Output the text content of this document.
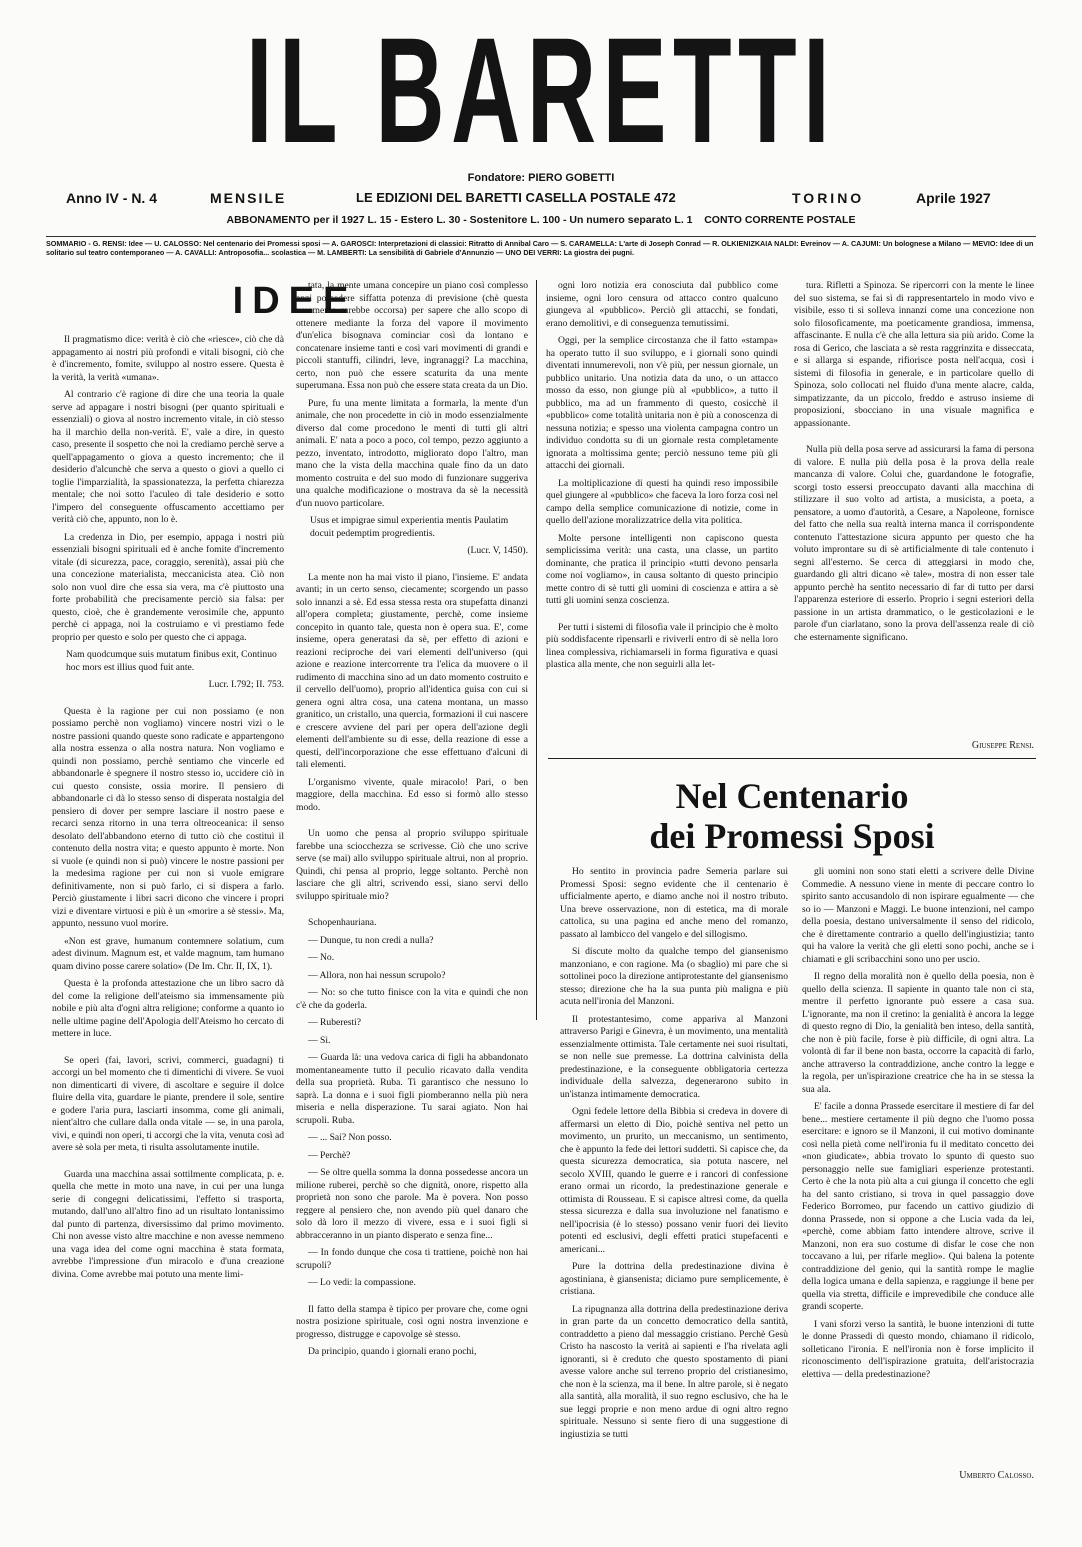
IL BARETTI
Fondatore: PIERO GOBETTI
Anno IV - N. 4	MENSILE	LE EDIZIONI DEL BARETTI CASELLA POSTALE 472	TORINO	Aprile 1927
ABBONAMENTO per il 1927 L. 15 - Estero L. 30 - Sostenitore L. 100 - Un numero separato L. 1 CONTO CORRENTE POSTALE
SOMMARIO - G. RENSI: Idee — U. CALOSSO: Nel centenario dei Promessi sposi — A. GAROSCI: Interpretazioni di classici: Ritratto di Annibal Caro — S. CARAMELLA: L'arte di Joseph Conrad — R. OLKIENIZKAIA NALDI: Evreinov — A. CAJUMI: Un bolognese a Milano — MEVIO: Idee di un solitario sul teatro contemporaneo — A. CAVALLI: Antroposofia... scolastica — M. LAMBERTI: La sensibilità di Gabriele d'Annunzio — UNO DEI VERRI: La giostra dei pugni.
IDEE

Il pragmatismo dice: verità è ciò che «riesce», ciò che dà appagamento ai nostri più profondi e vitali bisogni, ciò che è d'incremento, fomite, sviluppo al nostro essere. Questa è la verità, la verità «umana».

Al contrario c'è ragione di dire che una teoria la quale serve ad appagare i nostri bisogni (per quanto spirituali e essenziali) o giova al nostro incremento vitale, in ciò stesso ha il marchio della non-verità. E', vale a dire, in questo caso, presente il sospetto che noi la crediamo perchè serve a quell'appagamento o giova a questo incremento; che il desiderio d'alcunchè che serva a questo o giovi a quello ci toglie l'imparzialità, la spassionatezza, la perfetta chiarezza mentale; che noi sotto l'aculeo di tale desiderio e sotto l'impero del conseguente offuscamento accettiamo per verità ciò che, appunto, non lo è.

La credenza in Dio, per esempio, appaga i nostri più essenziali bisogni spirituali ed è anche fomite d'incremento vitale (di sicurezza, pace, coraggio, serenità), assai più che una concezione materialista, meccanicista atea. Ciò non solo non vuol dire che essa sia vera, ma c'è piuttosto una forte probabilità che precisamente perciò sia falsa: per questo, cioè, che è grandemente verosimile che, appunto perchè ci appaga, noi la costruiamo e vi prestiamo fede proprio per questo e solo per questo che ci appaga.

Nam quodcumque suis mutatum finibus exit, Continuo hoc mors est illius quod fuit ante.

Lucr. I.792; II. 753.

Questa è la ragione per cui non possiamo (e non possiamo perchè non vogliamo) vincere nostri vizi o le nostre passioni quando queste sono radicate e appartengono alla nostra essenza o alla nostra natura. Non vogliamo e quindi non possiamo, perchè sentiamo che vincerle ed abbandonarle è spegnere il nostro stesso io, uccidere ciò in cui questo consiste, ossia morire. Il pensiero di abbandonarle ci dà lo stesso senso di disperata nostalgia del pensiero di dover per sempre lasciare il nostro paese e recarci senza ritorno in una terra oltreoceanica: il senso desolato dell'abbandono eterno di tutto ciò che costituì il contenuto della nostra vita; e questo appunto è morte. Non si vuole (e quindi non si può) vincere le nostre passioni per la medesima ragione per cui non si vuole emigrare definitivamente, non si può farlo, ci si dispera a farlo. Perciò giustamente i libri sacri dicono che vincere i propri vizi e diventare virtuosi e più è un «morire a sè stessi». Ma, appunto, nessuno vuol morire.

«Non est grave, humanum contemnere solatium, cum adest divinum. Magnum est, et valde magnum, tam humano quam divino posse carere solatio» (De Im. Chr. II, IX, 1).

Questa è la profonda attestazione che un libro sacro dà del come la religione dell'ateismo sia immensamente più nobile e più alta d'ogni altra religione; conforme a quanto io nelle ultime pagine dell'Apologia dell'Ateismo ho cercato di mettere in luce.

Se operi (fai, lavori, scrivi, commerci, guadagni) ti accorgi un bel momento che ti dimentichi di vivere. Se vuoi non dimenticarti di vivere, di ascoltare e seguire il dolce fluire della vita, guardare le piante, prendere il sole, sentire e godere l'aria pura, lasciarti insomma, come gli animali, nient'altro che cullare dalla onda vitale — se, in una parola, vivi, e quindi non operi, ti accorgi che la vita, venuta così ad avere sè sola per meta, ti risulta assolutamente inutile.

Guarda una macchina assai sottilmente complicata, p. e. quella che mette in moto una nave, in cui per una lunga serie di congegni delicatissimi, l'effetto si trasporta, mutando, dall'uno all'altro fino ad un risultato lontanissimo dal punto di partenza, diversissimo dal primo movimento. Chi non avesse visto altre macchine e non avesse nemmeno una vaga idea del come ogni macchina è stata formata, avrebbe l'impressione d'un miracolo e d'una creazione divina. Come avrebbe mai potuto una mente limi-

tata, la mente umana concepire un piano così complesso anzi possedere siffatta potenza di previsione (chè questa veramente sarebbe occorsa) per sapere che allo scopo di ottenere mediante la forza del vapore il movimento d'un'elica bisognava cominciar così da lontano e concatenare insieme tanti e così vari movimenti di grandi e piccoli stantuffi, cilindri, leve, ingranaggi? La macchina, certo, non può che essere scaturita da una mente superumana. Essa non può che essere stata creata da un Dio.

Pure, fu una mente limitata a formarla, la mente d'un animale, che non procedette in ciò in modo essenzialmente diverso dal come procedono le menti di tutti gli altri animali. E' nata a poco a poco, col tempo, pezzo aggiunto a pezzo, inventato, introdotto, migliorato dopo l'altro, man mano che la vista della macchina quale fino da un dato momento costruita e del suo modo di funzionare suggeriva una qualche modificazione o mostrava da sè la necessità d'un nuovo particolare.

Usus et impigrae simul experientia mentis Paulatim docuit pedemptim progredientis.

(Lucr. V, 1450).

La mente non ha mai visto il piano, l'insieme. E' andata avanti; in un certo senso, ciecamente; scorgendo un passo solo innanzi a sè. Ed essa stessa resta ora stupefatta dinanzi all'opera completa; giustamente, perchè, come insieme concepito in quanto tale, questa non è opera sua. E', come insieme, opera generatasi da sè, per effetto di azioni e reazioni reciproche dei vari elementi dell'universo (qui azione e reazione intercorrente tra l'elica da muovere o il rudimento di macchina sino ad un dato momento costruito e il cervello dell'uomo), proprio all'identica guisa con cui si genera ogni altra cosa, una catena montana, un masso granitico, un cristallo, una quercia, formazioni il cui nascere e crescere avviene del pari per opera dell'azione degli elementi dell'ambiente su di esse, della reazione di esse a questi, dell'incorporazione che esse effettuano d'alcuni di tali elementi.

L'organismo vivente, quale miracolo! Pari, o ben maggiore, della macchina. Ed esso si formò allo stesso modo.

Un uomo che pensa al proprio sviluppo spirituale farebbe una sciocchezza se scrivesse. Ciò che uno scrive serve (se mai) allo sviluppo spirituale altrui, non al proprio. Quindi, chi pensa al proprio, legge soltanto. Perchè non lasciare che gli altri, scrivendo essi, siano servi dello sviluppo spirituale mio?

Schopenhauriana.

— Dunque, tu non credi a nulla?

— No.

— Allora, non hai nessun scrupolo?

— No: so che tutto finisce con la vita e quindi che non c'è che da goderla.

— Ruberesti?

— Sì.

— Guarda là: una vedova carica di figli ha abbandonato momentaneamente tutto il peculio ricavato dalla vendita della sua proprietà. Ruba. Ti garantisco che nessuno lo saprà. La donna e i suoi figli piomberanno nella più nera miseria e nella disperazione. Tu sarai agiato. Non hai scrupoli. Ruba.

— ... Sai? Non posso.

— Perchè?

— Se oltre quella somma la donna possedesse ancora un milione ruberei, perchè so che dignità, onore, rispetto alla proprietà non sono che parole. Ma è povera. Non posso reggere al pensiero che, non avendo più quel danaro che solo dà loro il mezzo di vivere, essa e i suoi figli si abbracceranno in un pianto disperato e senza fine...

— In fondo dunque che cosa ti trattiene, poichè non hai scrupoli?

— Lo vedi: la compassione.

Il fatto della stampa è tipico per provare che, come ogni nostra posizione spirituale, così ogni nostra invenzione e progresso, distrugge e capovolge sè stesso.

Da principio, quando i giornali erano pochi,

ogni loro notizia era conosciuta dal pubblico come insieme, ogni loro censura od attacco contro qualcuno giungeva al «pubblico». Perciò gli attacchi, se fondati, erano demolitivi, e di conseguenza temutissimi.

Oggi, per la semplice circostanza che il fatto «stampa» ha operato tutto il suo sviluppo, e i giornali sono quindi diventati innumerevoli, non v'è più, per nessun giornale, un pubblico unitario. Una notizia data da uno, o un attacco mosso da esso, non giunge più al «pubblico», a tutto il pubblico, ma ad un frammento di questo, cosicchè il «pubblico» come totalità unitaria non è più a conoscenza di nessuna notizia; e spesso una violenta campagna contro un individuo condotta su di un giornale resta completamente ignorata a moltissima gente; perciò nessuno teme più gli attacchi dei giornali.

La moltiplicazione di questi ha quindi reso impossibile quel giungere al «pubblico» che faceva la loro forza così nel campo della semplice comunicazione di notizie, come in quello dell'azione moralizzatrice della vita politica.

Molte persone intelligenti non capiscono questa semplicissima verità: una casta, una classe, un partito dominante, che pratica il principio «tutti devono pensarla come noi vogliamo», in causa soltanto di questo principio mette contro di sè tutti gli uomini di coscienza e attira a sè tutti gli uomini senza coscienza.

Per tutti i sistemi di filosofia vale il principio che è molto più soddisfacente ripensarli e riviverli entro di sè nella loro linea complessiva, richiamarseli in forma figurativa e quasi plastica alla mente, che non seguirli alla let-

tura. Rifletti a Spinoza. Se ripercorri con la mente le linee del suo sistema, se fai sì di rappresentartelo in modo vivo e visibile, esso ti si solleva innanzi come una concezione non solo filosoficamente, ma poeticamente grandiosa, immensa, affascinante. E nulla c'è che alla lettura sia più arido. Come la rosa di Gerico, che lasciata a sè resta raggrinzita e disseccata, e si allarga si espande, rifiorisce posta nell'acqua, così i sistemi di filosofia in generale, e in particolare quello di Spinoza, solo collocati nel fluido d'una mente alacre, calda, simpatizzante, da un piccolo, freddo e astruso insieme di proposizioni, sbocciano in una visuale magnifica e appassionante.

Nulla più della posa serve ad assicurarsi la fama di persona di valore. E nulla più della posa è la prova della reale mancanza di valore. Colui che, guardandone le fotografie, scorgi tosto essersi preoccupato davanti alla macchina di stilizzare il suo volto ad artista, a musicista, a poeta, a pensatore, a uomo d'autorità, a Cesare, a Napoleone, fornisce del fatto che nella sua realtà interna manca il corrispondente contenuto l'attestazione sicura appunto per questo che ha voluto improntare su di sè artificialmente di tale contenuto i segni all'esterno. Se cerca di atteggiarsi in modo che, guardando gli altri dicano «è tale», mostra di non esser tale appunto perchè ha sentito necessario di far di tutto per darsi l'apparenza esteriore di esserlo. Proprio i segni esteriori della passione in un artista drammatico, o le gesticolazioni e le parole d'un ciarlatano, sono la prova dell'assenza reale di ciò che esternamente significano.

Giuseppe Rensi.
Nel Centenario
dei Promessi Sposi

Ho sentito in provincia padre Semeria parlare sui Promessi Sposi: segno evidente che il centenario è ufficialmente aperto, e diamo anche noi il nostro tributo. Una breve osservazione, non di estetica, ma di morale cattolica, su una pagina ed anche meno del romanzo, passato al lambicco del vangelo e del sillogismo.

Si discute molto da qualche tempo del giansenismo manzoniano, e con ragione. Ma (o sbaglio) mi pare che si sottolinei poco la direzione antiprotestante del giansenismo stesso; direzione che ha la sua punta più maligna e più acuta nell'ironia del Manzoni.

Il protestantesimo, come appariva al Manzoni attraverso Parigi e Ginevra, è un movimento, una mentalità essenzialmente ottimista. Tale certamente nei suoi risultati, se non nelle sue premesse. La dottrina calvinista della predestinazione, e la conseguente obbligatoria certezza individuale della salvezza, degenerarono subito in un'istanza intimamente democratica.

Ogni fedele lettore della Bibbia si credeva in dovere di affermarsi un eletto di Dio, poichè sentiva nel petto un movimento, un prurito, un meccanismo, un sentimento, che è appunto la fede dei lettori suddetti. Si capisce che, da questa sicurezza democratica, sia potuta nascere, nel secolo XVIII, quando le guerre e i rancori di confessione erano ormai un ricordo, la predestinazione generale e ottimista di Rousseau. E si capisce altresì come, da quella stessa sicurezza e dalla sua involuzione nel fanatismo e nell'ipocrisia (è lo stesso) possano venir fuori dei lievito potenti ed esclusivi, degli effetti pratici stupefacenti e americani...

Pure la dottrina della predestinazione divina è agostiniana, è giansenista; diciamo pure semplicemente, è cristiana.

La ripugnanza alla dottrina della predestinazione deriva in gran parte da un concetto democratico della santità, contraddetto a pieno dal messaggio cristiano. Perchè Gesù Cristo ha nascosto la verità ai sapienti e l'ha rivelata agli ignoranti, si è creduto che questo spostamento di piani avesse valore anche sul terreno proprio del cristianesimo, che non è la scienza, ma il bene. In altre parole, si è negato alla santità, alla moralità, il suo regno esclusivo, che ha le sue leggi proprie e non meno ardue di ogni altro regno spirituale. Nessuno si sente fiero di una suggestione di ingiustizia se tutti

gli uomini non sono stati eletti a scrivere delle Divine Commedie. A nessuno viene in mente di peccare contro lo spirito santo accusandolo di non ispirare egualmente — che so io — Manzoni e Maggi. Le buone intenzioni, nel campo della poesia, destano universalmente il senso del ridicolo, che è direttamente contrario a quello dell'ingiustizia; tanto qui ha valore la verità che gli eletti sono pochi, anche se i chiamati e gli scribacchini sono uno per uscio.

Il regno della moralità non è quello della poesia, non è quello della scienza. Il sapiente in quanto tale non ci sta, mentre il perfetto ignorante può essere a casa sua. L'ignorante, ma non il cretino: la genialità è ancora la legge di questo regno di Dio, la genialità ben inteso, della santità, che non è più facile, forse è più difficile, di ogni altra. La volontà di far il bene non basta, occorre la capacità di farlo, anche attraverso la contraddizione, anche contro la legge e la regola, per un'ispirazione creatrice che ha in se stessa la sua ala.

E' facile a donna Prassede esercitare il mestiere di far del bene... mestiere certamente il più degno che l'uomo possa esercitare: e ignoro se il Manzoni, il cui motivo dominante così nella pietà come nell'ironia fu il meditato concetto dei «non giudicate», abbia trovato lo spunto di questo suo personaggio nelle sue famigliari esperienze protestanti. Certo è che la nota più alta a cui giunga il concetto che egli ha del santo cristiano, si trova in quel passaggio dove Federico Borromeo, pur facendo un cattivo giudizio di donna Prassede, non si oppone a che Lucia vada da lei, «perchè, come abbiam fatto intendere altrove, scrive il Manzoni, non era suo costume di disfar le cose che non toccavano a lui, per rifarle meglio». Qui balena la potente contraddizione del genio, qui la santità rompe le maglie della logica umana e della sapienza, e raggiunge il bene per quella via stretta, difficile e imprevedibile che conduce alle grandi scoperte.

I vani sforzi verso la santità, le buone intenzioni di tutte le donne Prassedi di questo mondo, chiamano il ridicolo, solleticano l'ironia. E nell'ironia non è forse implicito il riconoscimento dell'ispirazione gratuita, dell'aristocrazia elettiva — della predestinazione?

Umberto Calosso.
